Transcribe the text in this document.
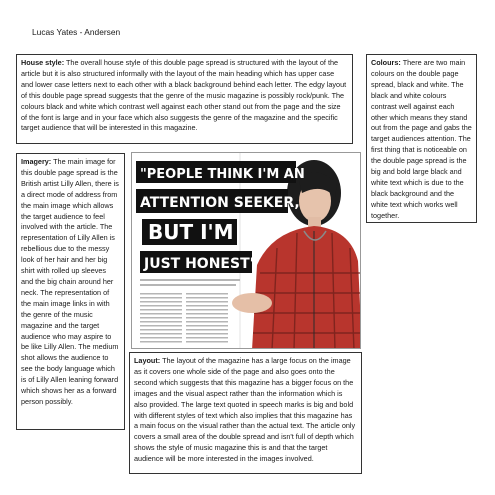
Lucas Yates - Andersen
House style: The overall house style of this double page spread is structured with the layout of the article but it is also structured informally with the layout of the main heading which has upper case and lower case letters next to each other with a black background behind each letter. The edgy layout of this double page spread suggests that the genre of the music magazine is possibly rock/punk. The colours black and white which contrast well against each other stand out from the page and the size of the font is large and in your face which also suggests the genre of the magazine and the specific target audience that will be interested in this magazine.
Colours: There are two main colours on the double page spread, black and white. The black and white colours contrast well against each other which means they stand out from the page and gabs the target audiences attention. The first thing that is noticeable on the double page spread is the big and bold large black and white text which is due to the black background and the white text which works well together.
Imagery: The main image for this double page spread is the British artist Lilly Allen, there is a direct mode of address from the main image which allows the target audience to feel involved with the article. The representation of Lilly Allen is rebellious due to the messy look of her hair and her big shirt with rolled up sleeves and the big chain around her neck. The representation of the main image links in with the genre of the music magazine and the target audience who may aspire to be like Lilly Allen. The medium shot allows the audience to see the body language which is of Lilly Allen leaning forward which shows her as a forward person possibly.
"PEOPLE THINK I'M AN
ATTENTION SEEKER,
BUT I'M
JUST HONEST"
Layout: The layout of the magazine has a large focus on the image as it covers one whole side of the page and also goes onto the second which suggests that this magazine has a bigger focus on the images and the visual aspect rather than the information which is also provided. The large text quoted in speech marks is big and bold with different styles of text which also implies that this magazine has a main focus on the visual rather than the actual text. The article only covers a small area of the double spread and isn't full of depth which shows the style of music magazine this is and that the target audience will be more interested in the images involved.
